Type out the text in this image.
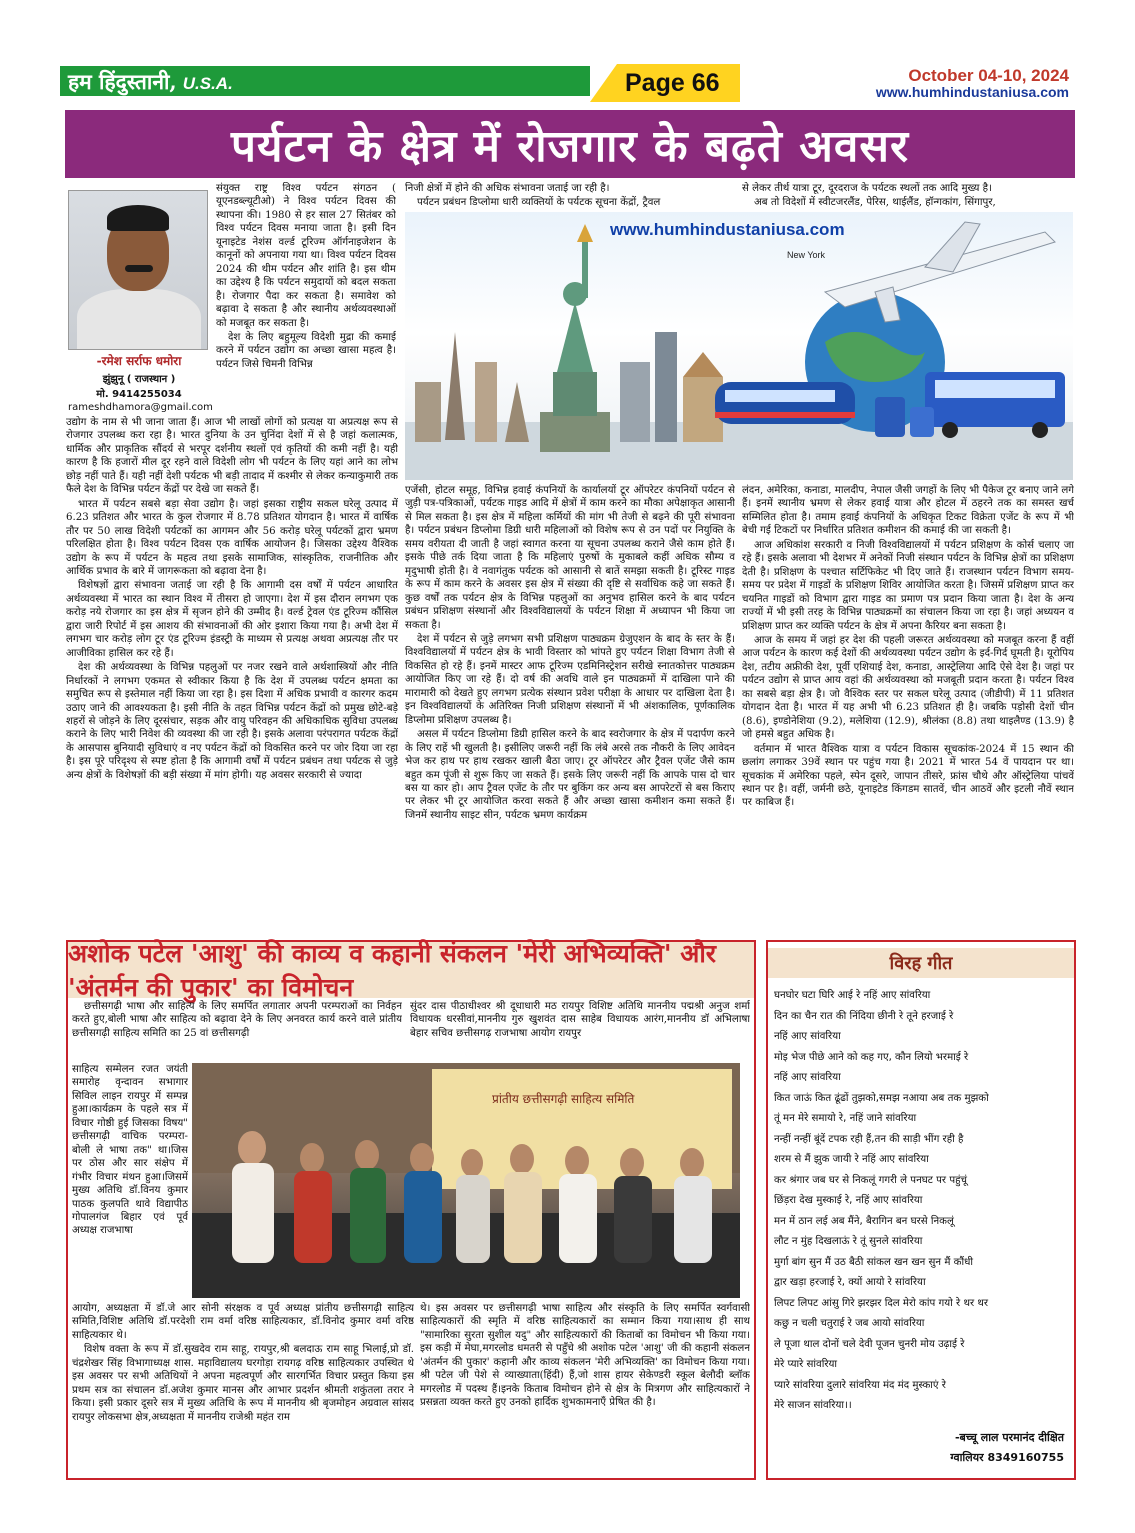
हम हिंदुस्तानी, U.S.A.	Page 66	October 04-10, 2024
www.humhindustaniusa.com
पर्यटन के क्षेत्र में रोजगार के बढ़ते अवसर
-रमेश सर्राफ धमोरा
झुंझुनू ( राजस्थान )
मो. 9414255034
rameshdhamora@gmail.com

संयुक्त राष्ट्र विश्व पर्यटन संगठन ( यूएनडब्ल्यूटीओ) ने विश्व पर्यटन दिवस की स्थापना की। 1980 से हर साल 27 सितंबर को विश्व पर्यटन दिवस मनाया जाता है। इसी दिन यूनाइटेड नेशंस वर्ल्ड टूरिज्म ऑर्गनाइजेशन के कानूनों को अपनाया गया था। विश्व पर्यटन दिवस 2024 की थीम पर्यटन और शांति है। इस थीम का उद्देश्य है कि पर्यटन समुदायों को बदल सकता है। रोजगार पैदा कर सकता है। समावेश को बढ़ावा दे सकता है और स्थानीय अर्थव्यवस्थाओं को मजबूत कर सकता है।

देश के लिए बहुमूल्य विदेशी मुद्रा की कमाई करने में पर्यटन उद्योग का अच्छा खासा महत्व है। पर्यटन जिसे चिमनी विभिन्न

उद्योग के नाम से भी जाना जाता हैं। आज भी लाखों लोगों को प्रत्यक्ष या अप्रत्यक्ष रूप से रोजगार उपलब्ध करा रहा है। भारत दुनिया के उन चुनिंदा देशों में से है जहां कलात्मक, धार्मिक और प्राकृतिक सौंदर्य से भरपूर दर्शनीय स्थलों एवं कृतियों की कमी नहीं है। यही कारण है कि हजारों मील दूर रहने वाले विदेशी लोग भी पर्यटन के लिए यहां आने का लोभ छोड़ नहीं पाते हैं। यही नहीं देशी पर्यटक भी बड़ी तादाद में कश्मीर से लेकर कन्याकुमारी तक फैले देश के विभिन्न पर्यटन केंद्रों पर देखे जा सकते हैं।

भारत में पर्यटन सबसे बड़ा सेवा उद्योग है। जहां इसका राष्ट्रीय सकल घरेलू उत्पाद में 6.23 प्रतिशत और भारत के कुल रोजगार में 8.78 प्रतिशत योगदान है। भारत में वार्षिक तौर पर 50 लाख विदेशी पर्यटकों का आगमन और 56 करोड़ घरेलू पर्यटकों द्वारा भ्रमण परिलक्षित होता है। विश्व पर्यटन दिवस एक वार्षिक आयोजन है। जिसका उद्देश्य वैश्विक उद्योग के रूप में पर्यटन के महत्व तथा इसके सामाजिक, सांस्कृतिक, राजनीतिक और आर्थिक प्रभाव के बारे में जागरूकता को बढ़ावा देना है।

विशेषज्ञों द्वारा संभावना जताई जा रही है कि आगामी दस वर्षों में पर्यटन आधारित अर्थव्यवस्था में भारत का स्थान विश्व में तीसरा हो जाएगा। देश में इस दौरान लगभग एक करोड़ नये रोजगार का इस क्षेत्र में सृजन होने की उम्मीद है। वर्ल्ड ट्रेवल एंड टूरिज्म कौंसिल द्वारा जारी रिपोर्ट में इस आशय की संभावनाओं की ओर इशारा किया गया है। अभी देश में लगभग चार करोड़ लोग टूर एंड टूरिज्म इंडस्ट्री के माध्यम से प्रत्यक्ष अथवा अप्रत्यक्ष तौर पर आजीविका हासिल कर रहे हैं।

देश की अर्थव्यवस्था के विभिन्न पहलुओं पर नजर रखने वाले अर्थशास्त्रियों और नीति निर्धारकों ने लगभग एकमत से स्वीकार किया है कि देश में उपलब्ध पर्यटन क्षमता का समुचित रूप से इस्तेमाल नहीं किया जा रहा है। इस दिशा में अधिक प्रभावी व कारगर कदम उठाए जाने की आवश्यकता है। इसी नीति के तहत विभिन्न पर्यटन केंद्रों को प्रमुख छोटे-बड़े शहरों से जोड़ने के लिए दूरसंचार, सड़क और वायु परिवहन की अधिकाधिक सुविधा उपलब्ध कराने के लिए भारी निवेश की व्यवस्था की जा रही है। इसके अलावा परंपरागत पर्यटक केंद्रों के आसपास बुनियादी सुविधाएं व नए पर्यटन केंद्रों को विकसित करने पर जोर दिया जा रहा है। इस पूरे परिदृश्य से स्पष्ट होता है कि आगामी वर्षों में पर्यटन प्रबंधन तथा पर्यटक से जुड़े अन्य क्षेत्रों के विशेषज्ञों की बड़ी संख्या में मांग होगी। यह अवसर सरकारी से ज्यादा

निजी क्षेत्रों में होने की अधिक संभावना जताई जा रही है।

पर्यटन प्रबंधन डिप्लोमा धारी व्यक्तियों के पर्यटक सूचना केंद्रों, ट्रैवल

से लेकर तीर्थ यात्रा टूर, दूरदराज के पर्यटक स्थलों तक आदि मुख्य है।

अब तो विदेशों में स्वीटजरलैंड, पेरिस, थाईलैंड, हॉन्गकांग, सिंगापुर,

www.humhindustaniusa.com
New York

एजेंसी, होटल समूह, विभिन्न हवाई कंपनियों के कार्यालयों टूर ऑपरेटर कंपनियों पर्यटन से जुड़ी पत्र-पत्रिकाओं, पर्यटक गाइड आदि में क्षेत्रों में काम करने का मौका अपेक्षाकृत आसानी से मिल सकता है। इस क्षेत्र में महिला कर्मियों की मांग भी तेजी से बढ़ने की पूरी संभावना है। पर्यटन प्रबंधन डिप्लोमा डिग्री धारी महिलाओं को विशेष रूप से उन पदों पर नियुक्ति के समय वरीयता दी जाती है जहां स्वागत करना या सूचना उपलब्ध कराने जैसे काम होते हैं। इसके पीछे तर्क दिया जाता है कि महिलाएं पुरुषों के मुकाबले कहीं अधिक सौम्य व मृदुभाषी होती है। वे नवागंतुक पर्यटक को आसानी से बातें समझा सकती है। टूरिस्ट गाइड के रूप में काम करने के अवसर इस क्षेत्र में संख्या की दृष्टि से सर्वाधिक कहे जा सकते हैं। कुछ वर्षों तक पर्यटन क्षेत्र के विभिन्न पहलुओं का अनुभव हासिल करने के बाद पर्यटन प्रबंधन प्रशिक्षण संस्थानों और विश्वविद्यालयों के पर्यटन शिक्षा में अध्यापन भी किया जा सकता है।

देश में पर्यटन से जुड़े लगभग सभी प्रशिक्षण पाठ्यक्रम ग्रेजुएशन के बाद के स्तर के हैं। विश्वविद्यालयों में पर्यटन क्षेत्र के भावी विस्तार को भांपते हुए पर्यटन शिक्षा विभाग तेजी से विकसित हो रहे हैं। इनमें मास्टर आफ टूरिज्म एडमिनिस्ट्रेशन सरीखे स्नातकोत्तर पाठ्यक्रम आयोजित किए जा रहे हैं। दो वर्ष की अवधि वाले इन पाठ्यक्रमों में दाखिला पाने की मारामारी को देखते हुए लगभग प्रत्येक संस्थान प्रवेश परीक्षा के आधार पर दाखिला देता है। इन विश्वविद्यालयों के अतिरिक्त निजी प्रशिक्षण संस्थानों में भी अंशकालिक, पूर्णकालिक डिप्लोमा प्रशिक्षण उपलब्ध है।

असल में पर्यटन डिप्लोमा डिग्री हासिल करने के बाद स्वरोजगार के क्षेत्र में पदार्पण करने के लिए राहें भी खुलती है। इसीलिए जरूरी नहीं कि लंबे अरसे तक नौकरी के लिए आवेदन भेज कर हाथ पर हाथ रखकर खाली बैठा जाए। टूर ऑपरेटर और ट्रैवल एजेंट जैसे काम बहुत कम पूंजी से शुरू किए जा सकते हैं। इसके लिए जरूरी नहीं कि आपके पास दो चार बस या कार हो। आप ट्रैवल एजेंट के तौर पर बुकिंग कर अन्य बस आपरेटरों से बस किराए पर लेकर भी टूर आयोजित करवा सकते हैं और अच्छा खासा कमीशन कमा सकते हैं। जिनमें स्थानीय साइट सीन, पर्यटक भ्रमण कार्यक्रम

लंदन, अमेरिका, कनाडा, मालदीप, नेपाल जैसी जगहों के लिए भी पैकेज टूर बनाए जाने लगे हैं। इनमें स्थानीय भ्रमण से लेकर हवाई यात्रा और होटल में ठहरने तक का समस्त खर्च सम्मिलित होता है। तमाम हवाई कंपनियों के अधिकृत टिकट विक्रेता एजेंट के रूप में भी बेची गई टिकटों पर निर्धारित प्रतिशत कमीशन की कमाई की जा सकती है।

आज अधिकांश सरकारी व निजी विश्वविद्यालयों में पर्यटन प्रशिक्षण के कोर्स चलाए जा रहे हैं। इसके अलावा भी देशभर में अनेकों निजी संस्थान पर्यटन के विभिन्न क्षेत्रों का प्रशिक्षण देती है। प्रशिक्षण के पश्चात सर्टिफिकेट भी दिए जाते हैं। राजस्थान पर्यटन विभाग समय-समय पर प्रदेश में गाइडों के प्रशिक्षण शिविर आयोजित करता है। जिसमें प्रशिक्षण प्राप्त कर चयनित गाइडों को विभाग द्वारा गाइड का प्रमाण पत्र प्रदान किया जाता है। देश के अन्य राज्यों में भी इसी तरह के विभिन्न पाठ्यक्रमों का संचालन किया जा रहा है। जहां अध्ययन व प्रशिक्षण प्राप्त कर व्यक्ति पर्यटन के क्षेत्र में अपना कैरियर बना सकता है।

आज के समय में जहां हर देश की पहली जरूरत अर्थव्यवस्था को मजबूत करना हैं वहीं आज पर्यटन के कारण कई देशों की अर्थव्यवस्था पर्यटन उद्योग के इर्द-गिर्द घूमती है। यूरोपिय देश, तटीय अफ्रीकी देश, पूर्वी एशियाई देश, कनाडा, आस्ट्रेलिया आदि ऐसे देश है। जहां पर पर्यटन उद्योग से प्राप्त आय वहां की अर्थव्यवस्था को मजबूती प्रदान करता है। पर्यटन विश्व का सबसे बड़ा क्षेत्र है। जो वैश्विक स्तर पर सकल घरेलू उत्पाद (जीडीपी) में 11 प्रतिशत योगदान देता है। भारत में यह अभी भी 6.23 प्रतिशत ही है। जबकि पड़ोसी देशों चीन (8.6), इण्डोनेशिया (9.2), मलेशिया (12.9), श्रीलंका (8.8) तथा थाइलैण्ड (13.9) है जो हमसे बहुत अधिक है।

वर्तमान में भारत वैश्विक यात्रा व पर्यटन विकास सूचकांक-2024 में 15 स्थान की छलांग लगाकर 39वें स्थान पर पहुंच गया है। 2021 में भारत 54 वें पायदान पर था। सूचकांक में अमेरिका पहले, स्पेन दूसरे, जापान तीसरे, फ्रांस चौथे और ऑस्ट्रेलिया पांचवें स्थान पर है। वहीं, जर्मनी छठे, यूनाइटेड किंगडम सातवें, चीन आठवें और इटली नौवें स्थान पर काबिज हैं।

अशोक पटेल 'आशु' की काव्य व कहानी संकलन 'मेरी अभिव्यक्ति' और 'अंतर्मन की पुकार' का विमोचन

छत्तीसगढ़ी भाषा और साहित्य के लिए समर्पित लगातार अपनी परम्पराओं का निर्वहन करते हुए,बोली भाषा और साहित्य को बढ़ावा देने के लिए अनवरत कार्य करने वाले प्रांतीय छत्तीसगढ़ी साहित्य समिति का 25 वां छत्तीसगढ़ी

सुंदर दास पीठाधीश्वर श्री दूधाधारी मठ रायपुर विशिष्ट अतिथि माननीय पद्मश्री अनुज शर्मा विधायक धरसीवां,माननीय गुरु खुशवंत दास साहेब विधायक आरंग,माननीय डॉ अभिलाषा बेहार सचिव छत्तीसगढ़ राजभाषा आयोग रायपुर

साहित्य सम्मेलन रजत जयंती समारोह वृन्दावन सभागार सिविल लाइन रायपुर में सम्पन्न हुआ।कार्यक्रम के पहले सत्र में विचार गोष्ठी हुई जिसका विषय" छत्तीसगढ़ी वाचिक परम्परा-बोली ले भाषा तक" था।जिस पर ठोस और सार संक्षेप में गंभीर विचार मंथन हुआ।जिसमें मुख्य अतिथि डॉ.विनय कुमार पाठक कुलपति थावे विद्यापीठ गोपालगंज बिहार एवं पूर्व अध्यक्ष राजभाषा

प्रांतीय छत्तीसगढ़ी साहित्य समिति

आयोग, अध्यक्षता में डॉ.जे आर सोनी संरक्षक व पूर्व अध्यक्ष प्रांतीय छत्तीसगढ़ी साहित्य समिति,विशिष्ट अतिथि डॉ.परदेशी राम वर्मा वरिष्ठ साहित्यकार, डॉ.विनोद कुमार वर्मा वरिष्ठ साहित्यकार थे।

विशेष वक्ता के रूप में डॉ.सुखदेव राम साहू, रायपुर,श्री बलदाऊ राम साहू भिलाई,प्रो डॉ. चंद्रशेखर सिंह विभागाध्यक्ष शास. महाविद्यालय घरगोड़ा रायगढ़ वरिष्ठ साहित्यकार उपस्थित थे इस अवसर पर सभी अतिथियों ने अपना महत्वपूर्ण और सारगर्भित विचार प्रस्तुत किया इस प्रथम सत्र का संचालन डॉ.अजेश कुमार मानस और आभार प्रदर्शन श्रीमती शकुंतला तरार ने किया। इसी प्रकार दूसरे सत्र में मुख्य अतिथि के रूप में माननीय श्री बृजमोहन अग्रवाल सांसद रायपुर लोकसभा क्षेत्र,अध्यक्षता में माननीय राजेश्री महंत राम

थे। इस अवसर पर छत्तीसगढ़ी भाषा साहित्य और संस्कृति के लिए समर्पित स्वर्गवासी साहित्यकारों की स्मृति में वरिष्ठ साहित्यकारों का सम्मान किया गया।साथ ही साथ "सामारिका सुरता सुशील यदु" और साहित्यकारों की किताबों का विमोचन भी किया गया।इस कड़ी में मेघा,मगरलोड धमतरी से पहुँचे श्री अशोक पटेल 'आशु' जी की कहानी संकलन 'अंतर्मन की पुकार' कहानी और काव्य संकलन 'मेरी अभिव्यक्ति' का विमोचन किया गया। श्री पटेल जी पेशे से व्याख्याता(हिंदी) हैं,जो शास हायर सेकेण्डरी स्कूल बेलौदी ब्लॉक मगरलोड में पदस्थ हैं।इनके किताब विमोचन होने से क्षेत्र के मित्रगण और साहित्यकारों ने प्रसन्नता व्यक्त करते हुए उनको हार्दिक शुभकामनाएँ प्रेषित की है।

विरह गीत
घनघोर घटा घिरि आई रे नहिं आए सांवरिया
दिन का चैन रात की निंदिया छीनी रे तूने हरजाई रे
नहिं आए सांवरिया
मोइ भेज पीछे आने को कह गए, कौन लियो भरमाई रे
नहिं आए सांवरिया
कित जाऊं कित ढूंढों तुझको,समझ नआया अब तक मुझको
तूं मन मेरे समायो रे, नहिं जाने सांवरिया
नन्हीं नन्हीं बूंदें टपक रही हैं,तन की साड़ी भींग रही है
शरम से मैं झुक जायी रे नहिं आए सांवरिया
कर श्रंगार जब घर से निकलूं गगरी ले पनघट पर पहुंचूं
छिंड़रा देख मुस्काई रे, नहिं आए सांवरिया
मन में ठान लई अब मैंने, बैरागिन बन घरसे निकलूं
लौट न मुंह दिखलाऊं रे तूं सुनले सांवरिया
मुर्गा बांग सुन मैं उठ बैठी सांकल खन खन सुन मैं कौंधी
द्वार खड़ा हरजाई रे, क्यों आयो रे सांवरिया
लिपट लिपट आंसु गिरे झरझर दिल मेरो कांप गयो रे थर थर
कछु न चली चतुराई रे जब आयो सांवरिया
ले पूजा थाल दोनों चले देवी पूजन चुनरी मोय उढ़ाई रे
मेरे प्यारे सांवरिया
प्यारे सांवरिया दुलारे सांवरिया मंद मंद मुस्काएं रे
मेरे साजन सांवरिया।।
-बच्चू लाल परमानंद दीक्षित
ग्वालियर 8349160755
